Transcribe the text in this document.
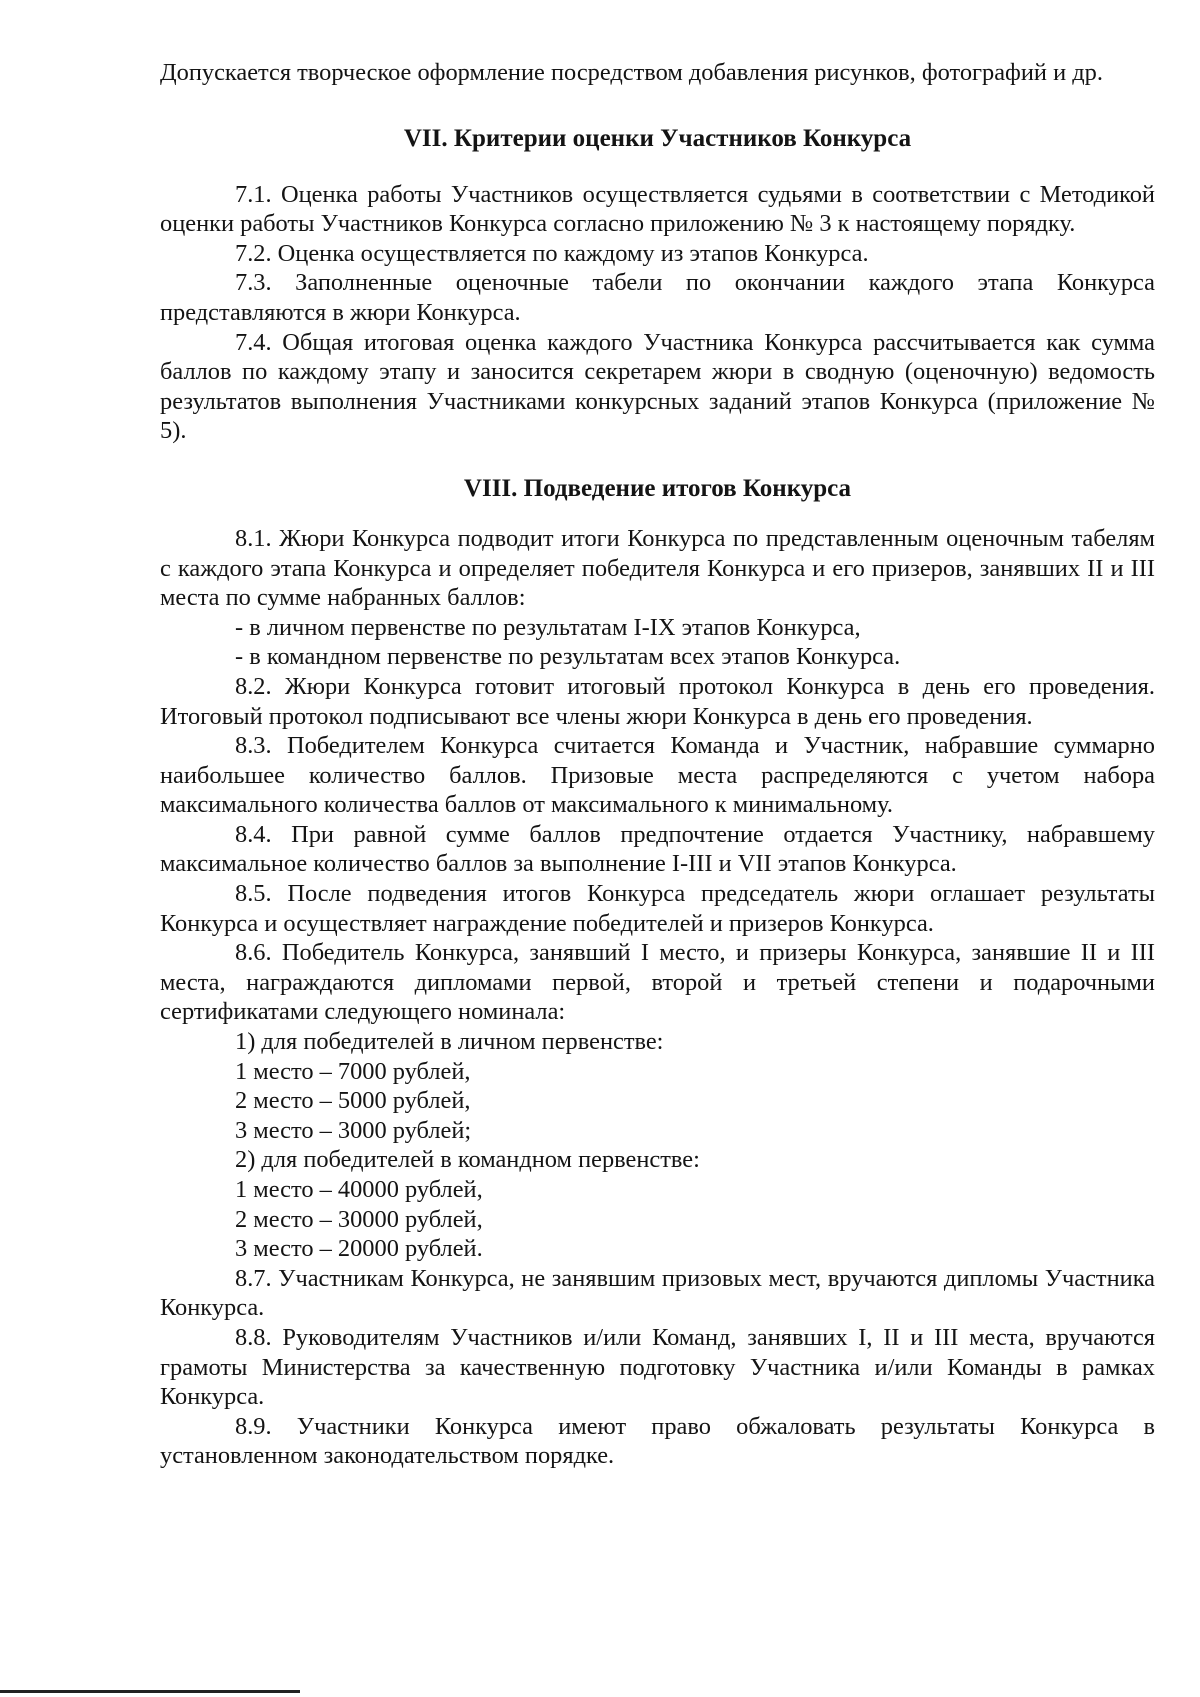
Допускается творческое оформление посредством добавления рисунков, фотографий и др.

VII. Критерии оценки Участников Конкурса

7.1. Оценка работы Участников осуществляется судьями в соответствии с Методикой оценки работы Участников Конкурса согласно приложению № 3 к настоящему порядку.

7.2. Оценка осуществляется по каждому из этапов Конкурса.

7.3. Заполненные оценочные табели по окончании каждого этапа Конкурса представляются в жюри Конкурса.

7.4. Общая итоговая оценка каждого Участника Конкурса рассчитывается как сумма баллов по каждому этапу и заносится секретарем жюри в сводную (оценочную) ведомость результатов выполнения Участниками конкурсных заданий этапов Конкурса (приложение № 5).

VIII. Подведение итогов Конкурса

8.1. Жюри Конкурса подводит итоги Конкурса по представленным оценочным табелям с каждого этапа Конкурса и определяет победителя Конкурса и его призеров, занявших II и III места по сумме набранных баллов:

- в личном первенстве по результатам I-IX этапов Конкурса,

- в командном первенстве по результатам всех этапов Конкурса.

8.2. Жюри Конкурса готовит итоговый протокол Конкурса в день его проведения. Итоговый протокол подписывают все члены жюри Конкурса в день его проведения.

8.3. Победителем Конкурса считается Команда и Участник, набравшие суммарно наибольшее количество баллов. Призовые места распределяются с учетом набора максимального количества баллов от максимального к минимальному.

8.4. При равной сумме баллов предпочтение отдается Участнику, набравшему максимальное количество баллов за выполнение I-III и VII этапов Конкурса.

8.5. После подведения итогов Конкурса председатель жюри оглашает результаты Конкурса и осуществляет награждение победителей и призеров Конкурса.

8.6. Победитель Конкурса, занявший I место, и призеры Конкурса, занявшие II и III места, награждаются дипломами первой, второй и третьей степени и подарочными сертификатами следующего номинала:

1) для победителей в личном первенстве:

1 место – 7000 рублей,

2 место – 5000 рублей,

3 место – 3000 рублей;

2) для победителей в командном первенстве:

1 место – 40000 рублей,

2 место – 30000 рублей,

3 место – 20000 рублей.

8.7. Участникам Конкурса, не занявшим призовых мест, вручаются дипломы Участника Конкурса.

8.8. Руководителям Участников и/или Команд, занявших I, II и III места, вручаются грамоты Министерства за качественную подготовку Участника и/или Команды в рамках Конкурса.

8.9. Участники Конкурса имеют право обжаловать результаты Конкурса в установленном законодательством порядке.
